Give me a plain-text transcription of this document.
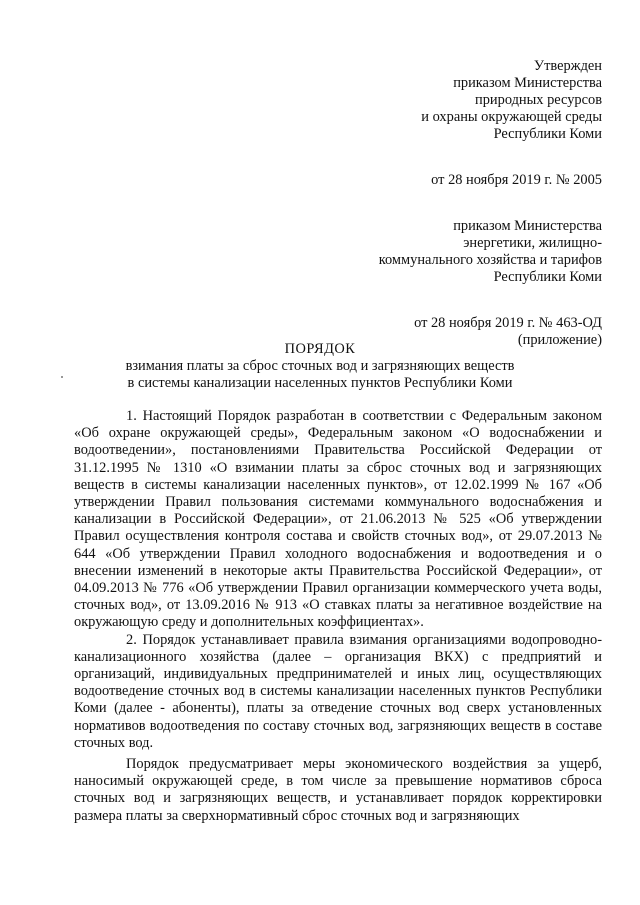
Утвержден
приказом Министерства
природных ресурсов
и охраны окружающей среды
Республики Коми
от 28 ноября 2019 г. № 2005
приказом Министерства
энергетики, жилищно-
коммунального хозяйства и тарифов
Республики Коми
от 28 ноября 2019 г. № 463-ОД
(приложение)
ПОРЯДОК
взимания платы за сброс сточных вод и загрязняющих веществ
в системы канализации населенных пунктов Республики Коми

1. Настоящий Порядок разработан в соответствии с Федеральным законом «Об охране окружающей среды», Федеральным законом «О водоснабжении и водоотведении», постановлениями Правительства Российской Федерации от 31.12.1995 № 1310 «О взимании платы за сброс сточных вод и загрязняющих веществ в системы канализации населенных пунктов», от 12.02.1999 № 167 «Об утверждении Правил пользования системами коммунального водоснабжения и канализации в Российской Федерации», от 21.06.2013 № 525 «Об утверждении Правил осуществления контроля состава и свойств сточных вод», от 29.07.2013 № 644 «Об утверждении Правил холодного водоснабжения и водоотведения и о внесении изменений в некоторые акты Правительства Российской Федерации», от 04.09.2013 № 776 «Об утверждении Правил организации коммерческого учета воды, сточных вод», от 13.09.2016 № 913 «О ставках платы за негативное воздействие на окружающую среду и дополнительных коэффициентах».

2. Порядок устанавливает правила взимания организациями водопроводно-канализационного хозяйства (далее – организация ВКХ) с предприятий и организаций, индивидуальных предпринимателей и иных лиц, осуществляющих водоотведение сточных вод в системы канализации населенных пунктов Республики Коми (далее - абоненты), платы за отведение сточных вод сверх установленных нормативов водоотведения по составу сточных вод, загрязняющих веществ в составе сточных вод.

Порядок предусматривает меры экономического воздействия за ущерб, наносимый окружающей среде, в том числе за превышение нормативов сброса сточных вод и загрязняющих веществ, и устанавливает порядок корректировки размера платы за сверхнормативный сброс сточных вод и загрязняющих
